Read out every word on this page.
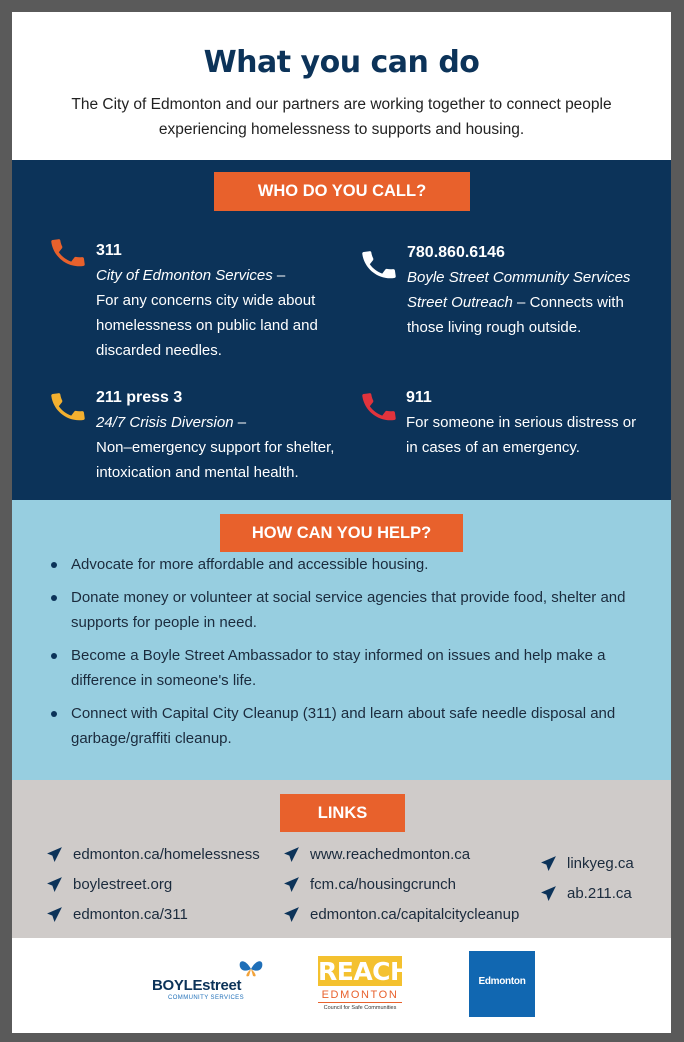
What you can do

The City of Edmonton and our partners are working together to connect people experiencing homelessness to supports and housing.

WHO DO YOU CALL?
311
City of Edmonton Services –
For any concerns city wide about homelessness on public land and discarded needles.
780.860.6146
Boyle Street Community Services Street Outreach – Connects with those living rough outside.
211 press 3
24/7 Crisis Diversion –
Non–emergency support for shelter, intoxication and mental health.
911
For someone in serious distress or in cases of an emergency.
HOW CAN YOU HELP?
Advocate for more affordable and accessible housing.
Donate money or volunteer at social service agencies that provide food, shelter and supports for people in need.
Become a Boyle Street Ambassador to stay informed on issues and help make a difference in someone's life.
Connect with Capital City Cleanup (311) and learn about safe needle disposal and garbage/graffiti cleanup.
LINKS
edmonton.ca/homelessness
boylestreet.org
edmonton.ca/311
www.reachedmonton.ca
fcm.ca/housingcrunch
edmonton.ca/capitalcitycleanup
linkyeg.ca
ab.211.ca
BOYLEstreet
COMMUNITY SERVICES
REACH
EDMONTON
Council for Safe Communities
Edmonton
